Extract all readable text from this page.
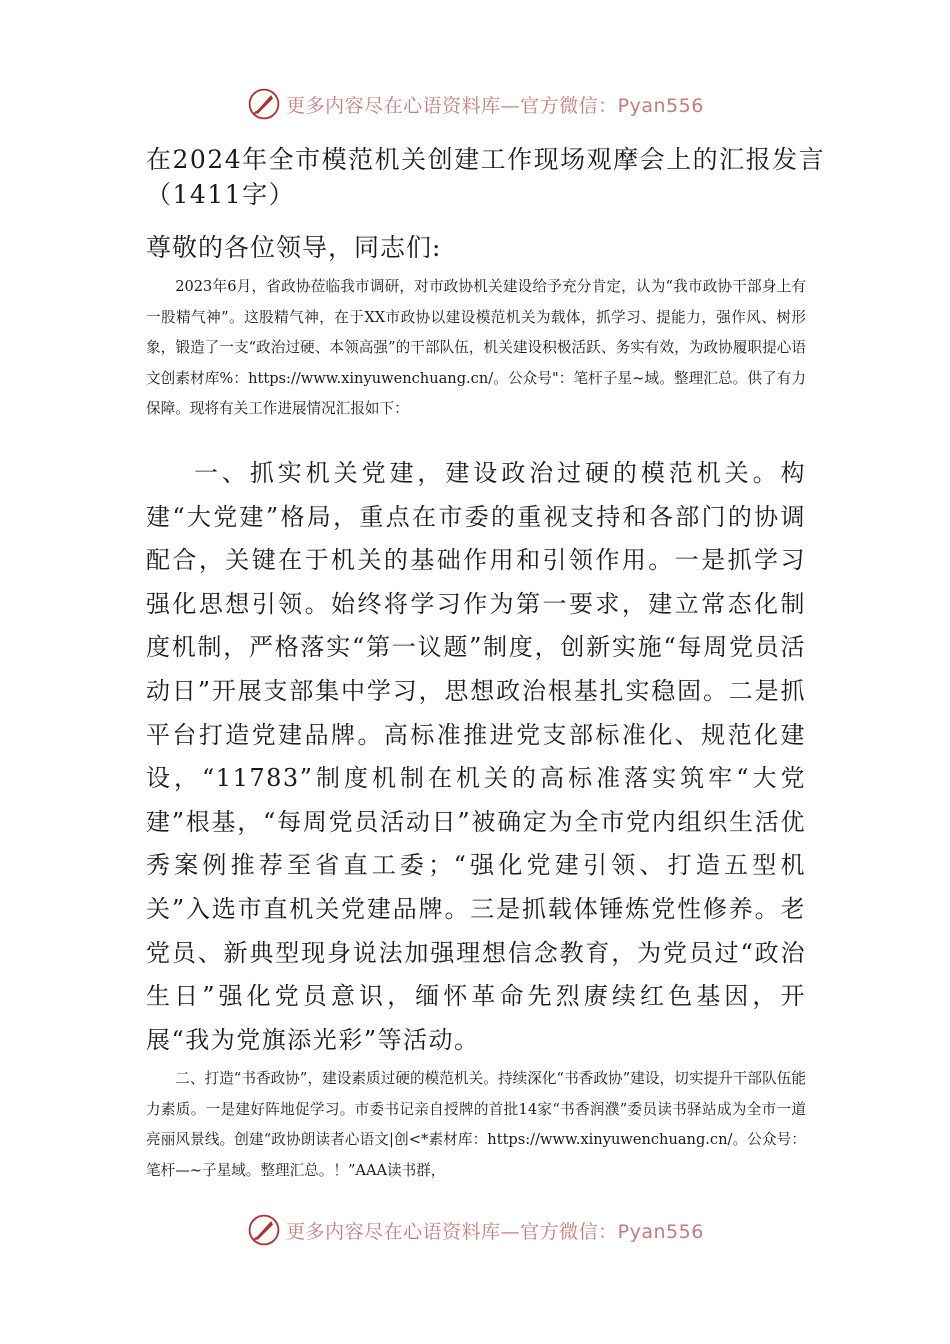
更多内容尽在心语资料库—官方微信：Pyan556
在2024年全市模范机关创建工作现场观摩会上的汇报发言（1411字）
尊敬的各位领导，同志们:
2023年6月，省政协莅临我市调研，对市政协机关建设给予充分肯定，认为“我市政协干部身上有一股精气神”。这股精气神，在于XX市政协以建设模范机关为载体，抓学习、提能力，强作风、树形象，锻造了一支“政治过硬、本领高强”的干部队伍，机关建设积极活跃、务实有效，为政协履职提心语文创素材库%：https://www.xinyuwenchuang.cn/。公众号"：笔杆子星~域。整理汇总。供了有力保障。现将有关工作进展情况汇报如下：
一、抓实机关党建，建设政治过硬的模范机关。构建“大党建”格局，重点在市委的重视支持和各部门的协调配合，关键在于机关的基础作用和引领作用。一是抓学习强化思想引领。始终将学习作为第一要求，建立常态化制度机制，严格落实“第一议题”制度，创新实施“每周党员活动日”开展支部集中学习，思想政治根基扎实稳固。二是抓平台打造党建品牌。高标准推进党支部标准化、规范化建设，“11783”制度机制在机关的高标准落实筑牢“大党建”根基，“每周党员活动日”被确定为全市党内组织生活优秀案例推荐至省直工委；“强化党建引领、打造五型机关”入选市直机关党建品牌。三是抓载体锤炼党性修养。老党员、新典型现身说法加强理想信念教育，为党员过“政治生日”强化党员意识，缅怀革命先烈赓续红色基因，开展“我为党旗添光彩”等活动。
二、打造“书香政协”，建设素质过硬的模范机关。持续深化“书香政协”建设，切实提升干部队伍能力素质。一是建好阵地促学习。市委书记亲自授牌的首批14家“书香润濮”委员读书驿站成为全市一道亮丽风景线。创建“政协朗读者心语文|创<*素材库：https://www.xinyuwenchuang.cn/。公众号：笔杆—~子星域。整理汇总。！”AAA读书群，
更多内容尽在心语资料库—官方微信：Pyan556
